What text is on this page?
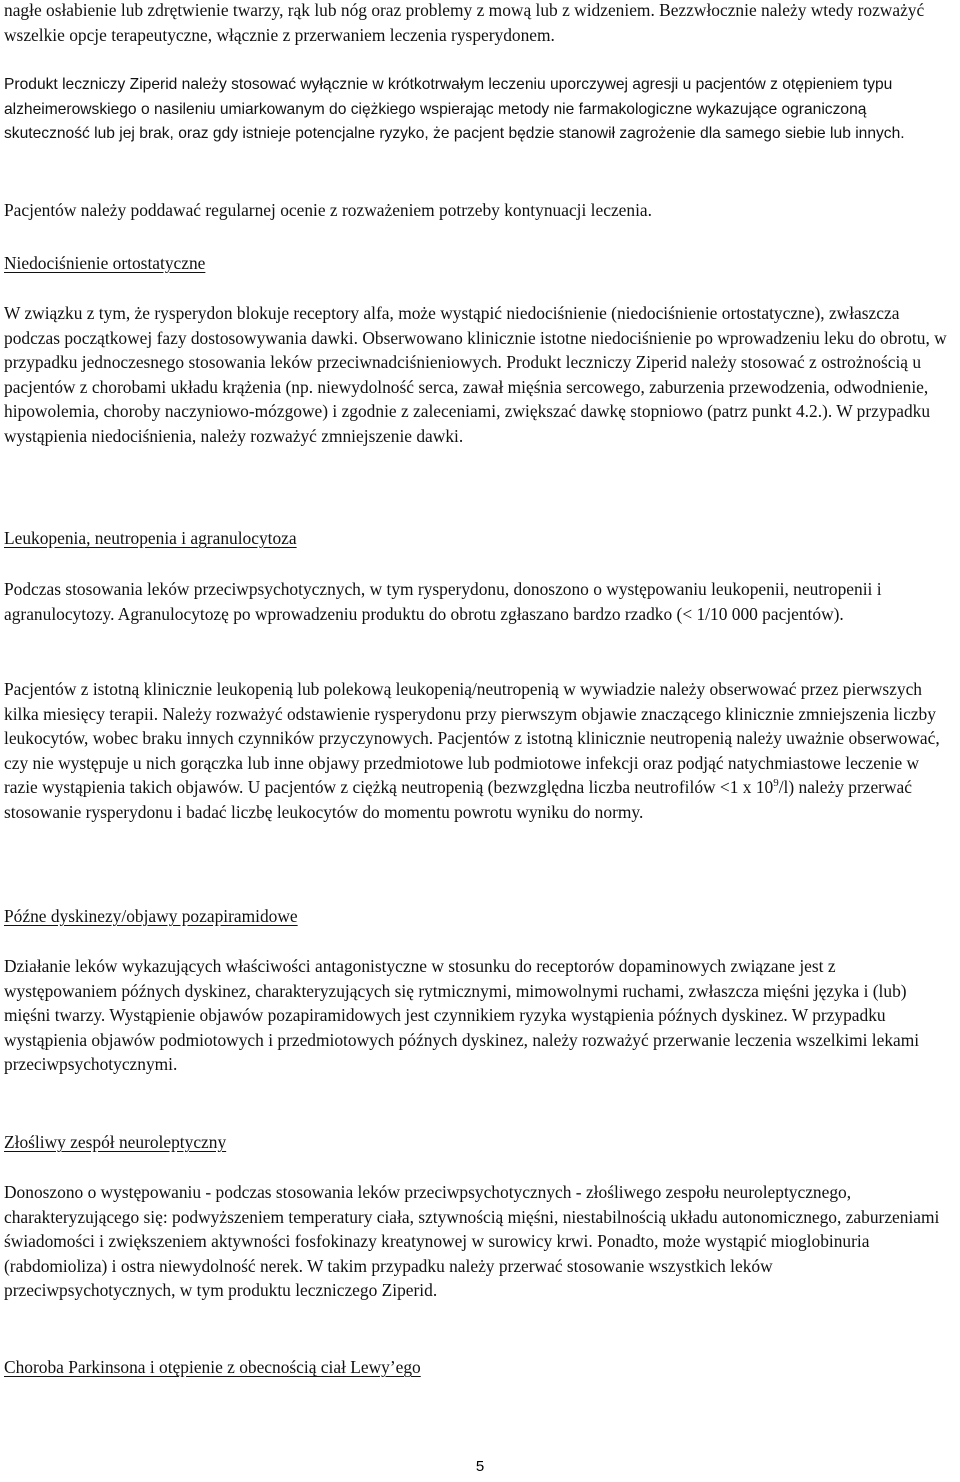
nagłe osłabienie lub zdrętwienie twarzy, rąk lub nóg oraz problemy z mową lub z widzeniem. Bezzwłocznie należy wtedy rozważyć wszelkie opcje terapeutyczne, włącznie z przerwaniem leczenia rysperydonem.

Produkt leczniczy Ziperid należy stosować wyłącznie w krótkotrwałym leczeniu uporczywej agresji u pacjentów z otępieniem typu alzheimerowskiego o nasileniu umiarkowanym do ciężkiego wspierając metody nie farmakologiczne wykazujące ograniczoną skuteczność lub jej brak, oraz gdy istnieje potencjalne ryzyko, że pacjent będzie stanowił zagrożenie dla samego siebie lub innych.

Pacjentów należy poddawać regularnej ocenie z rozważeniem potrzeby kontynuacji leczenia.

Niedociśnienie ortostatyczne

W związku z tym, że rysperydon blokuje receptory alfa, może wystąpić niedociśnienie (niedociśnienie ortostatyczne), zwłaszcza podczas początkowej fazy dostosowywania dawki. Obserwowano klinicznie istotne niedociśnienie po wprowadzeniu leku do obrotu, w przypadku jednoczesnego stosowania leków przeciwnadciśnieniowych. Produkt leczniczy Ziperid należy stosować z ostrożnością u pacjentów z chorobami układu krążenia (np. niewydolność serca, zawał mięśnia sercowego, zaburzenia przewodzenia, odwodnienie, hipowolemia, choroby naczyniowo-mózgowe) i zgodnie z zaleceniami, zwiększać dawkę stopniowo (patrz punkt 4.2.). W przypadku wystąpienia niedociśnienia, należy rozważyć zmniejszenie dawki.

Leukopenia, neutropenia i agranulocytoza

Podczas stosowania leków przeciwpsychotycznych, w tym rysperydonu, donoszono o występowaniu leukopenii, neutropenii i agranulocytozy. Agranulocytozę po wprowadzeniu produktu do obrotu zgłaszano bardzo rzadko (< 1/10 000 pacjentów).

Pacjentów z istotną klinicznie leukopenią lub polekową leukopenią/neutropenią w wywiadzie należy obserwować przez pierwszych kilka miesięcy terapii. Należy rozważyć odstawienie rysperydonu przy pierwszym objawie znaczącego klinicznie zmniejszenia liczby leukocytów, wobec braku innych czynników przyczynowych. Pacjentów z istotną klinicznie neutropenią należy uważnie obserwować, czy nie występuje u nich gorączka lub inne objawy przedmiotowe lub podmiotowe infekcji oraz podjąć natychmiastowe leczenie w razie wystąpienia takich objawów. U pacjentów z ciężką neutropenią (bezwzględna liczba neutrofilów <1 x $10^9/l$) należy przerwać stosowanie rysperydonu i badać liczbę leukocytów do momentu powrotu wyniku do normy.

Późne dyskinezy/objawy pozapiramidowe

Działanie leków wykazujących właściwości antagonistyczne w stosunku do receptorów dopaminowych związane jest z występowaniem późnych dyskinez, charakteryzujących się rytmicznymi, mimowolnymi ruchami, zwłaszcza mięśni języka i (lub) mięśni twarzy. Wystąpienie objawów pozapiramidowych jest czynnikiem ryzyka wystąpienia późnych dyskinez. W przypadku wystąpienia objawów podmiotowych i przedmiotowych późnych dyskinez, należy rozważyć przerwanie leczenia wszelkimi lekami przeciwpsychotycznymi.

Złośliwy zespół neuroleptyczny

Donoszono o występowaniu - podczas stosowania leków przeciwpsychotycznych - złośliwego zespołu neuroleptycznego, charakteryzującego się: podwyższeniem temperatury ciała, sztywnością mięśni, niestabilnością układu autonomicznego, zaburzeniami świadomości i zwiększeniem aktywności fosfokinazy kreatynowej w surowicy krwi. Ponadto, może wystąpić mioglobinuria (rabdomioliza) i ostra niewydolność nerek. W takim przypadku należy przerwać stosowanie wszystkich leków przeciwpsychotycznych, w tym produktu leczniczego Ziperid.

Choroba Parkinsona i otępienie z obecnością ciał Lewy’ego

5
